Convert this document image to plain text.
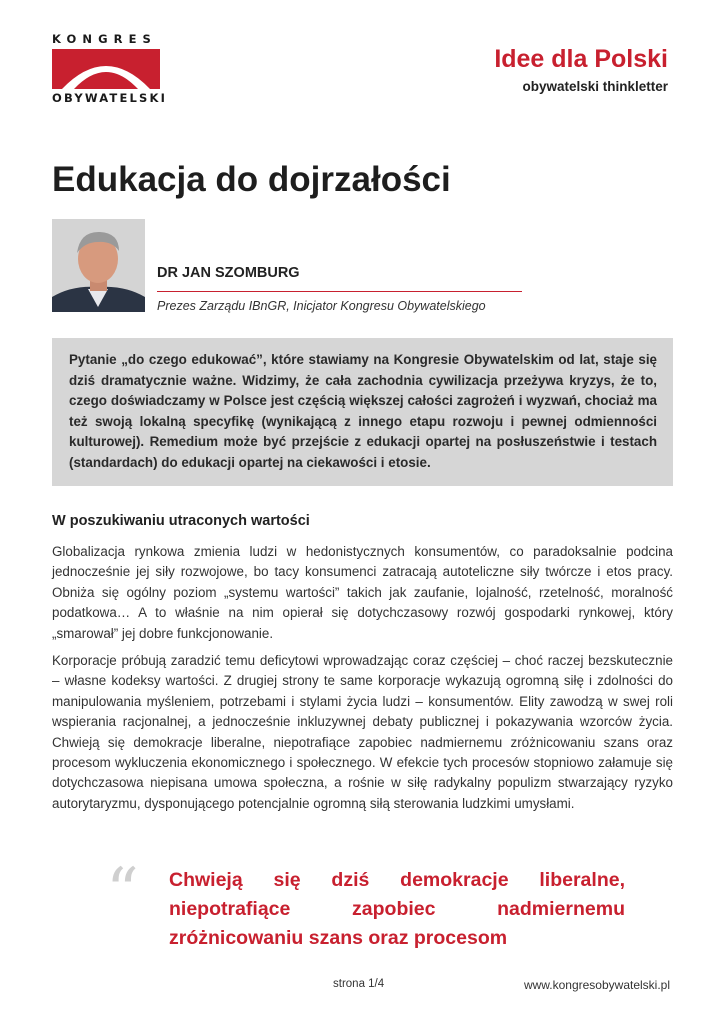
KONGRES
OBYWATELSKI
Idee dla Polski
obywatelski thinkletter
Edukacja do dojrzałości
DR JAN SZOMBURG
Prezes Zarządu IBnGR, Inicjator Kongresu Obywatelskiego
Pytanie „do czego edukować”, które stawiamy na Kongresie Obywatelskim od lat, staje się dziś dramatycznie ważne. Widzimy, że cała zachodnia cywilizacja przeżywa kryzys, że to, czego doświadczamy w Polsce jest częścią większej całości zagrożeń i wyzwań, chociaż ma też swoją lokalną specyfikę (wynikającą z innego etapu rozwoju i pewnej odmienności kulturowej). Remedium może być przejście z edukacji opartej na posłuszeństwie i testach (standardach) do edukacji opartej na ciekawości i etosie.
W poszukiwaniu utraconych wartości

Globalizacja rynkowa zmienia ludzi w hedonistycznych konsumentów, co paradoksalnie podcina jednocześnie jej siły rozwojowe, bo tacy konsumenci zatracają autoteliczne siły twórcze i etos pracy. Obniża się ogólny poziom „systemu wartości” takich jak zaufanie, lojalność, rzetelność, moralność podatkowa… A to właśnie na nim opierał się dotychczasowy rozwój gospodarki rynkowej, który „smarował” jej dobre funkcjonowanie.

Korporacje próbują zaradzić temu deficytowi wprowadzając coraz częściej – choć raczej bezskutecznie – własne kodeksy wartości. Z drugiej strony te same korporacje wykazują ogromną siłę i zdolności do manipulowania myśleniem, potrzebami i stylami życia ludzi – konsumentów. Elity zawodzą w swej roli wspierania racjonalnej, a jednocześnie inkluzywnej debaty publicznej i pokazywania wzorców życia. Chwieją się demokracje liberalne, niepotrafiące zapobiec nadmiernemu zróżnicowaniu szans oraz procesom wykluczenia ekonomicznego i społecznego. W efekcie tych procesów stopniowo załamuje się dotychczasowa niepisana umowa społeczna, a rośnie w siłę radykalny populizm stwarzający ryzyko autorytaryzmu, dysponującego potencjalnie ogromną siłą sterowania ludzkimi umysłami.

“ Chwieją się dziś demokracje liberalne, niepotrafiące zapobiec nadmiernemu zróżnicowaniu szans oraz procesom
strona 1/4	www.kongresobywatelski.pl
